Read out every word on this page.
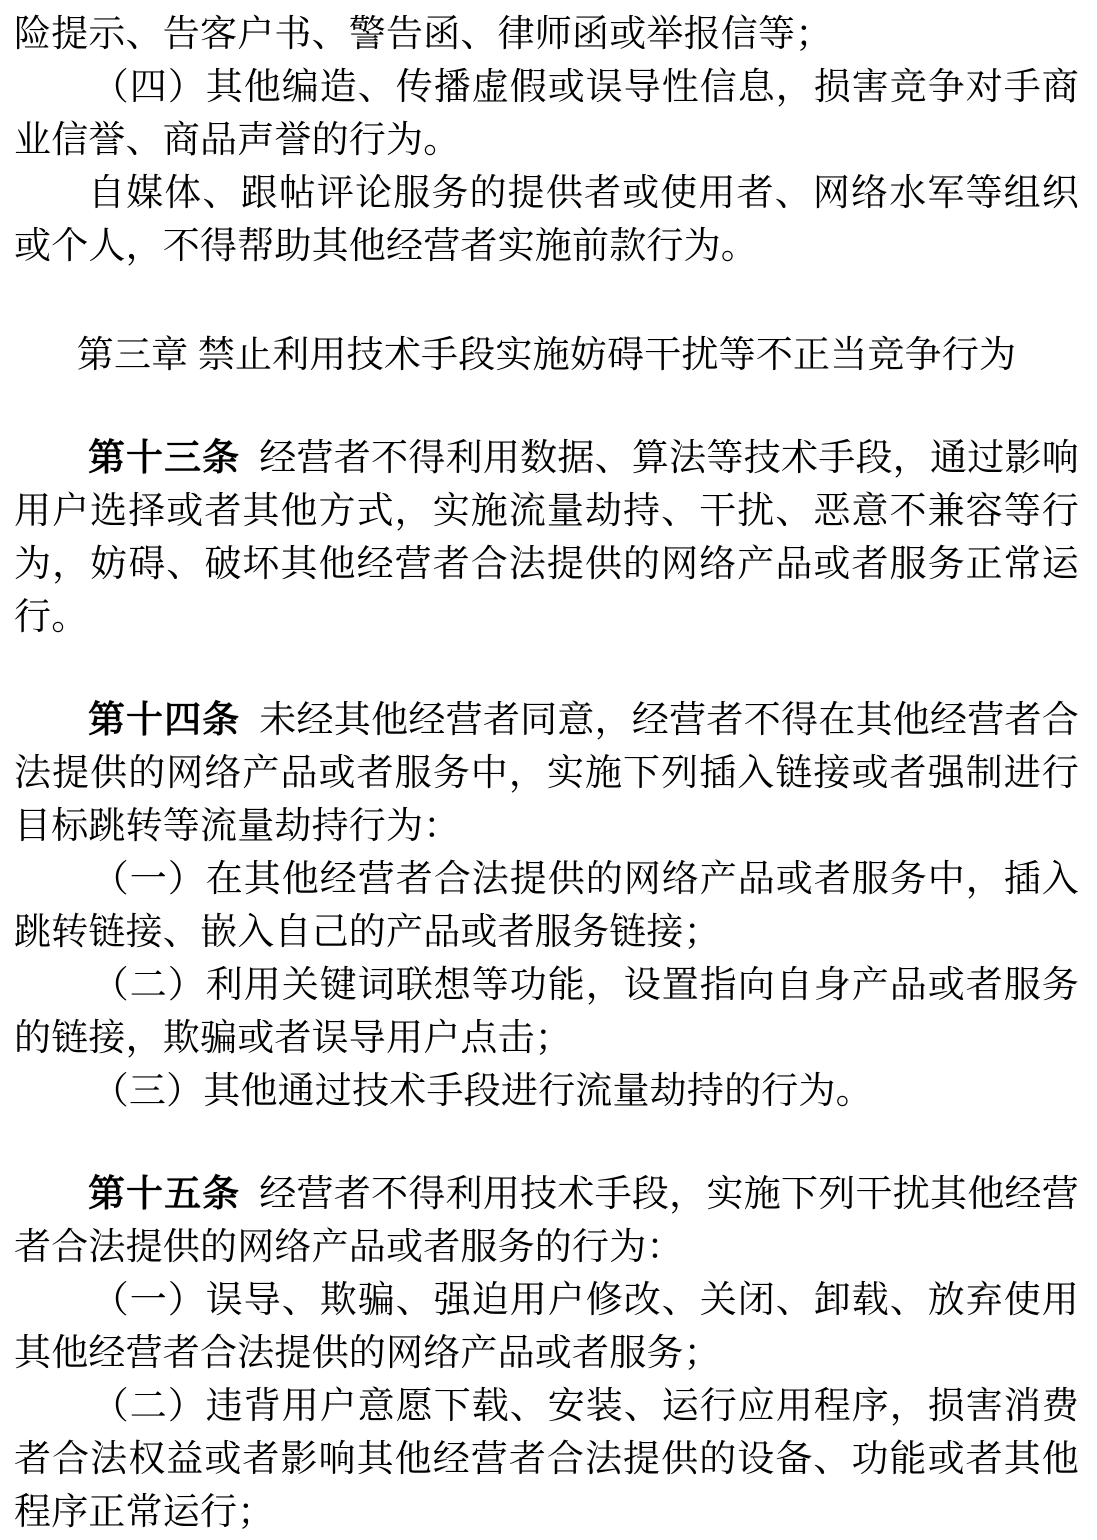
险提示、告客户书、警告函、律师函或举报信等；

（四）其他编造、传播虚假或误导性信息，损害竞争对手商业信誉、商品声誉的行为。

自媒体、跟帖评论服务的提供者或使用者、网络水军等组织或个人，不得帮助其他经营者实施前款行为。

第三章 禁止利用技术手段实施妨碍干扰等不正当竞争行为

第十三条 经营者不得利用数据、算法等技术手段，通过影响用户选择或者其他方式，实施流量劫持、干扰、恶意不兼容等行为，妨碍、破坏其他经营者合法提供的网络产品或者服务正常运行。

第十四条 未经其他经营者同意，经营者不得在其他经营者合法提供的网络产品或者服务中，实施下列插入链接或者强制进行目标跳转等流量劫持行为：

（一）在其他经营者合法提供的网络产品或者服务中，插入跳转链接、嵌入自己的产品或者服务链接；

（二）利用关键词联想等功能，设置指向自身产品或者服务的链接，欺骗或者误导用户点击；

（三）其他通过技术手段进行流量劫持的行为。

第十五条 经营者不得利用技术手段，实施下列干扰其他经营者合法提供的网络产品或者服务的行为：

（一）误导、欺骗、强迫用户修改、关闭、卸载、放弃使用其他经营者合法提供的网络产品或者服务；

（二）违背用户意愿下载、安装、运行应用程序，损害消费者合法权益或者影响其他经营者合法提供的设备、功能或者其他程序正常运行；
